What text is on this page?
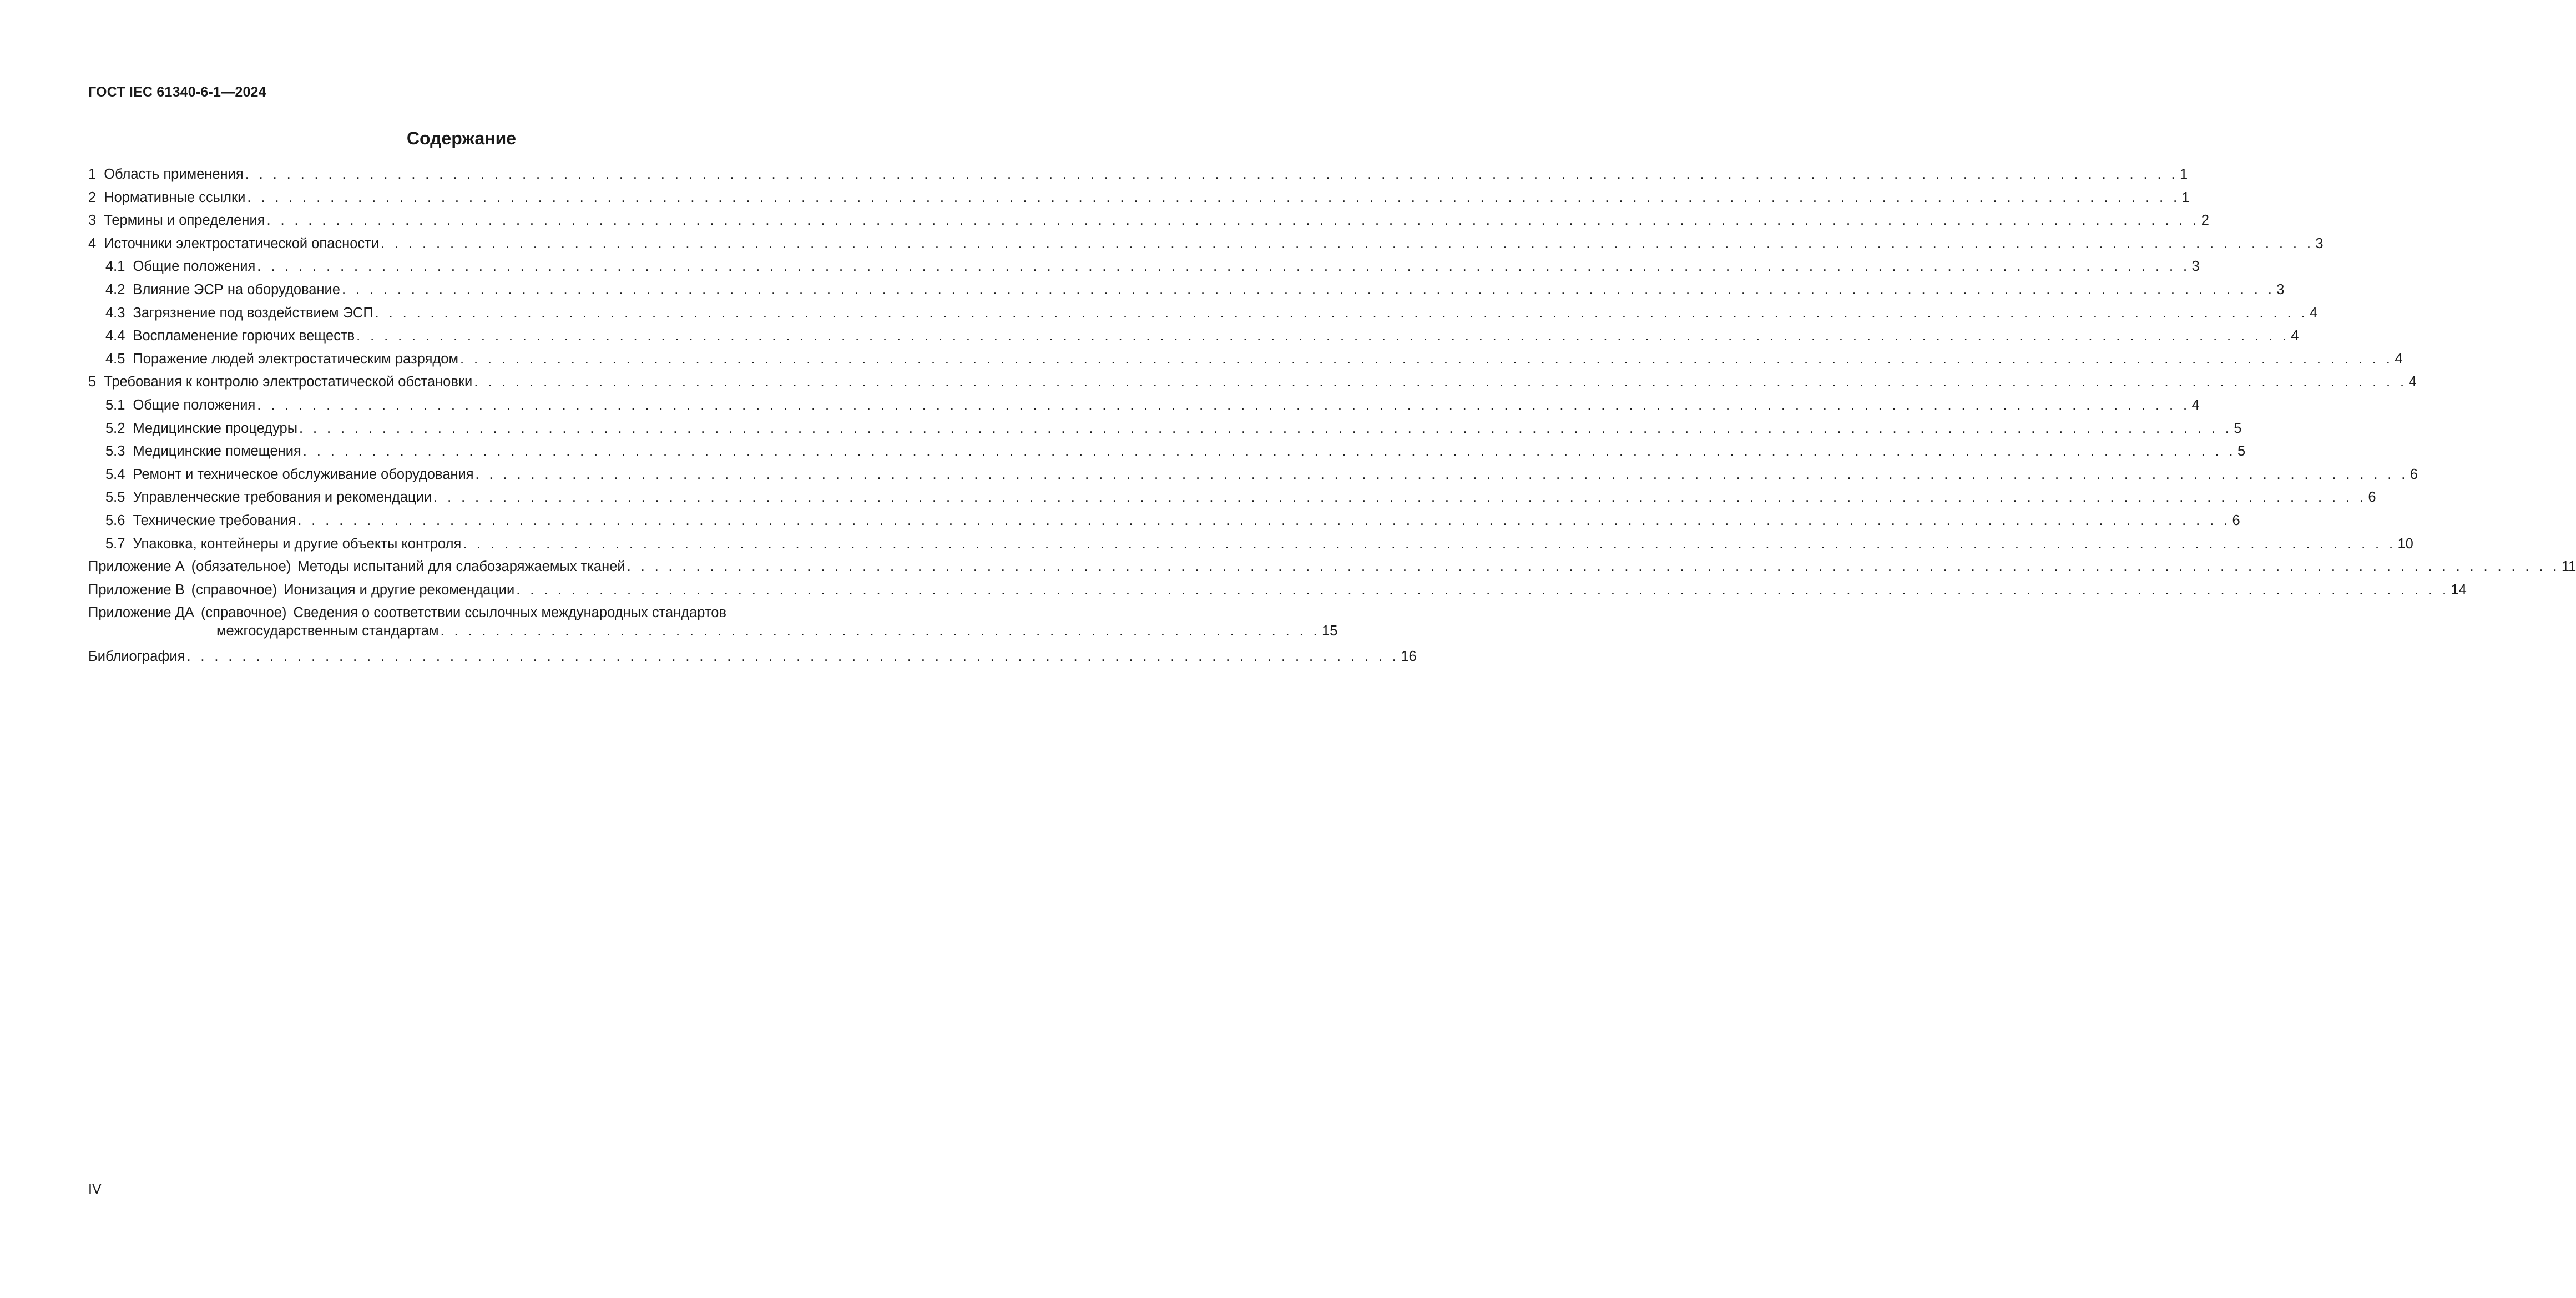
ГОСТ IEC 61340-6-1—2024
Содержание
1 Область применения . . . . . . . . . . . . . . . . . . . . . . . . . . . . . . . . . . . . . . . . . . . . . . . . . . . . . . . . . . . . . . . . . . . . . . . . . . . . . . . . . . . . . . . . . . . . . . . . . . . . . . . . . . . . . . . . . . . . . . . . . . . . . . . . . . . . . . . . . . . . 1
2 Нормативные ссылки . . . . . . . . . . . . . . . . . . . . . . . . . . . . . . . . . . . . . . . . . . . . . . . . . . . . . . . . . . . . . . . . . . . . . . . . . . . . . . . . . . . . . . . . . . . . . . . . . . . . . . . . . . . . . . . . . . . . . . . . . . . . . . . . . . . . . . . . . . . . 1
3 Термины и определения . . . . . . . . . . . . . . . . . . . . . . . . . . . . . . . . . . . . . . . . . . . . . . . . . . . . . . . . . . . . . . . . . . . . . . . . . . . . . . . . . . . . . . . . . . . . . . . . . . . . . . . . . . . . . . . . . . . . . . . . . . . . . . . . . . . . . . . . . . . . 2
4 Источники электростатической опасности . . . . . . . . . . . . . . . . . . . . . . . . . . . . . . . . . . . . . . . . . . . . . . . . . . . . . . . . . . . . . . . . . . . . . . . . . . . . . . . . . . . . . . . . . . . . . . . . . . . . . . . . . . . . . . . . . . . . . . . . . . . . . . . . . . . . . . . . . . . . 3
4.1 Общие положения . . . . . . . . . . . . . . . . . . . . . . . . . . . . . . . . . . . . . . . . . . . . . . . . . . . . . . . . . . . . . . . . . . . . . . . . . . . . . . . . . . . . . . . . . . . . . . . . . . . . . . . . . . . . . . . . . . . . . . . . . . . . . . . . . . . . . . . . . . . . 3
4.2 Влияние ЭСР на оборудование . . . . . . . . . . . . . . . . . . . . . . . . . . . . . . . . . . . . . . . . . . . . . . . . . . . . . . . . . . . . . . . . . . . . . . . . . . . . . . . . . . . . . . . . . . . . . . . . . . . . . . . . . . . . . . . . . . . . . . . . . . . . . . . . . . . . . . . . . . . . 3
4.3 Загрязнение под воздействием ЭСП . . . . . . . . . . . . . . . . . . . . . . . . . . . . . . . . . . . . . . . . . . . . . . . . . . . . . . . . . . . . . . . . . . . . . . . . . . . . . . . . . . . . . . . . . . . . . . . . . . . . . . . . . . . . . . . . . . . . . . . . . . . . . . . . . . . . . . . . . . . . 4
4.4 Воспламенение горючих веществ . . . . . . . . . . . . . . . . . . . . . . . . . . . . . . . . . . . . . . . . . . . . . . . . . . . . . . . . . . . . . . . . . . . . . . . . . . . . . . . . . . . . . . . . . . . . . . . . . . . . . . . . . . . . . . . . . . . . . . . . . . . . . . . . . . . . . . . . . . . . 4
4.5 Поражение людей электростатическим разрядом . . . . . . . . . . . . . . . . . . . . . . . . . . . . . . . . . . . . . . . . . . . . . . . . . . . . . . . . . . . . . . . . . . . . . . . . . . . . . . . . . . . . . . . . . . . . . . . . . . . . . . . . . . . . . . . . . . . . . . . . . . . . . . . . . . . . . . . . . . . . 4
5 Требования к контролю электростатической обстановки . . . . . . . . . . . . . . . . . . . . . . . . . . . . . . . . . . . . . . . . . . . . . . . . . . . . . . . . . . . . . . . . . . . . . . . . . . . . . . . . . . . . . . . . . . . . . . . . . . . . . . . . . . . . . . . . . . . . . . . . . . . . . . . . . . . . . . . . . . . . 4
5.1 Общие положения . . . . . . . . . . . . . . . . . . . . . . . . . . . . . . . . . . . . . . . . . . . . . . . . . . . . . . . . . . . . . . . . . . . . . . . . . . . . . . . . . . . . . . . . . . . . . . . . . . . . . . . . . . . . . . . . . . . . . . . . . . . . . . . . . . . . . . . . . . . . 4
5.2 Медицинские процедуры . . . . . . . . . . . . . . . . . . . . . . . . . . . . . . . . . . . . . . . . . . . . . . . . . . . . . . . . . . . . . . . . . . . . . . . . . . . . . . . . . . . . . . . . . . . . . . . . . . . . . . . . . . . . . . . . . . . . . . . . . . . . . . . . . . . . . . . . . . . . 5
5.3 Медицинские помещения . . . . . . . . . . . . . . . . . . . . . . . . . . . . . . . . . . . . . . . . . . . . . . . . . . . . . . . . . . . . . . . . . . . . . . . . . . . . . . . . . . . . . . . . . . . . . . . . . . . . . . . . . . . . . . . . . . . . . . . . . . . . . . . . . . . . . . . . . . . . 5
5.4 Ремонт и техническое обслуживание оборудования . . . . . . . . . . . . . . . . . . . . . . . . . . . . . . . . . . . . . . . . . . . . . . . . . . . . . . . . . . . . . . . . . . . . . . . . . . . . . . . . . . . . . . . . . . . . . . . . . . . . . . . . . . . . . . . . . . . . . . . . . . . . . . . . . . . . . . . . . . . . 6
5.5 Управленческие требования и рекомендации . . . . . . . . . . . . . . . . . . . . . . . . . . . . . . . . . . . . . . . . . . . . . . . . . . . . . . . . . . . . . . . . . . . . . . . . . . . . . . . . . . . . . . . . . . . . . . . . . . . . . . . . . . . . . . . . . . . . . . . . . . . . . . . . . . . . . . . . . . . . 6
5.6 Технические требования . . . . . . . . . . . . . . . . . . . . . . . . . . . . . . . . . . . . . . . . . . . . . . . . . . . . . . . . . . . . . . . . . . . . . . . . . . . . . . . . . . . . . . . . . . . . . . . . . . . . . . . . . . . . . . . . . . . . . . . . . . . . . . . . . . . . . . . . . . . . 6
5.7 Упаковка, контейнеры и другие объекты контроля . . . . . . . . . . . . . . . . . . . . . . . . . . . . . . . . . . . . . . . . . . . . . . . . . . . . . . . . . . . . . . . . . . . . . . . . . . . . . . . . . . . . . . . . . . . . . . . . . . . . . . . . . . . . . . . . . . . . . . . . . . . . . . . . . . . . . . . . . . . . 10
Приложение А (обязательное) Методы испытаний для слабозаряжаемых тканей . . . . . . . . . . . . . . . . . . . . . . . . . . . . . . . . . . . . . . . . . . . . . . . . . . . . . . . . . . . . . . . . . . . . . . . . . . . . . . . . . . . . . . . . . . . . . . . . . . . . . . . . . . . . . . . . . . . . . . . . . . . . . . . . . . . . . . . . . . . . 11
Приложение В (справочное) Ионизация и другие рекомендации . . . . . . . . . . . . . . . . . . . . . . . . . . . . . . . . . . . . . . . . . . . . . . . . . . . . . . . . . . . . . . . . . . . . . . . . . . . . . . . . . . . . . . . . . . . . . . . . . . . . . . . . . . . . . . . . . . . . . . . . . . . . . . . . . . . . . . . . . . . . 14
Приложение ДА (справочное) Сведения о соответствии ссылочных международных стандартов
межгосударственным стандартам . . . . . . . . . . . . . . . . . . . . . . . . . . . . . . . . . . . . . . . . . . . . . . . . . . . . . . . . . . . . . . . . 15
Библиография . . . . . . . . . . . . . . . . . . . . . . . . . . . . . . . . . . . . . . . . . . . . . . . . . . . . . . . . . . . . . . . . . . . . . . . . . . . . . . . . . . . . . . . . 16
IV
